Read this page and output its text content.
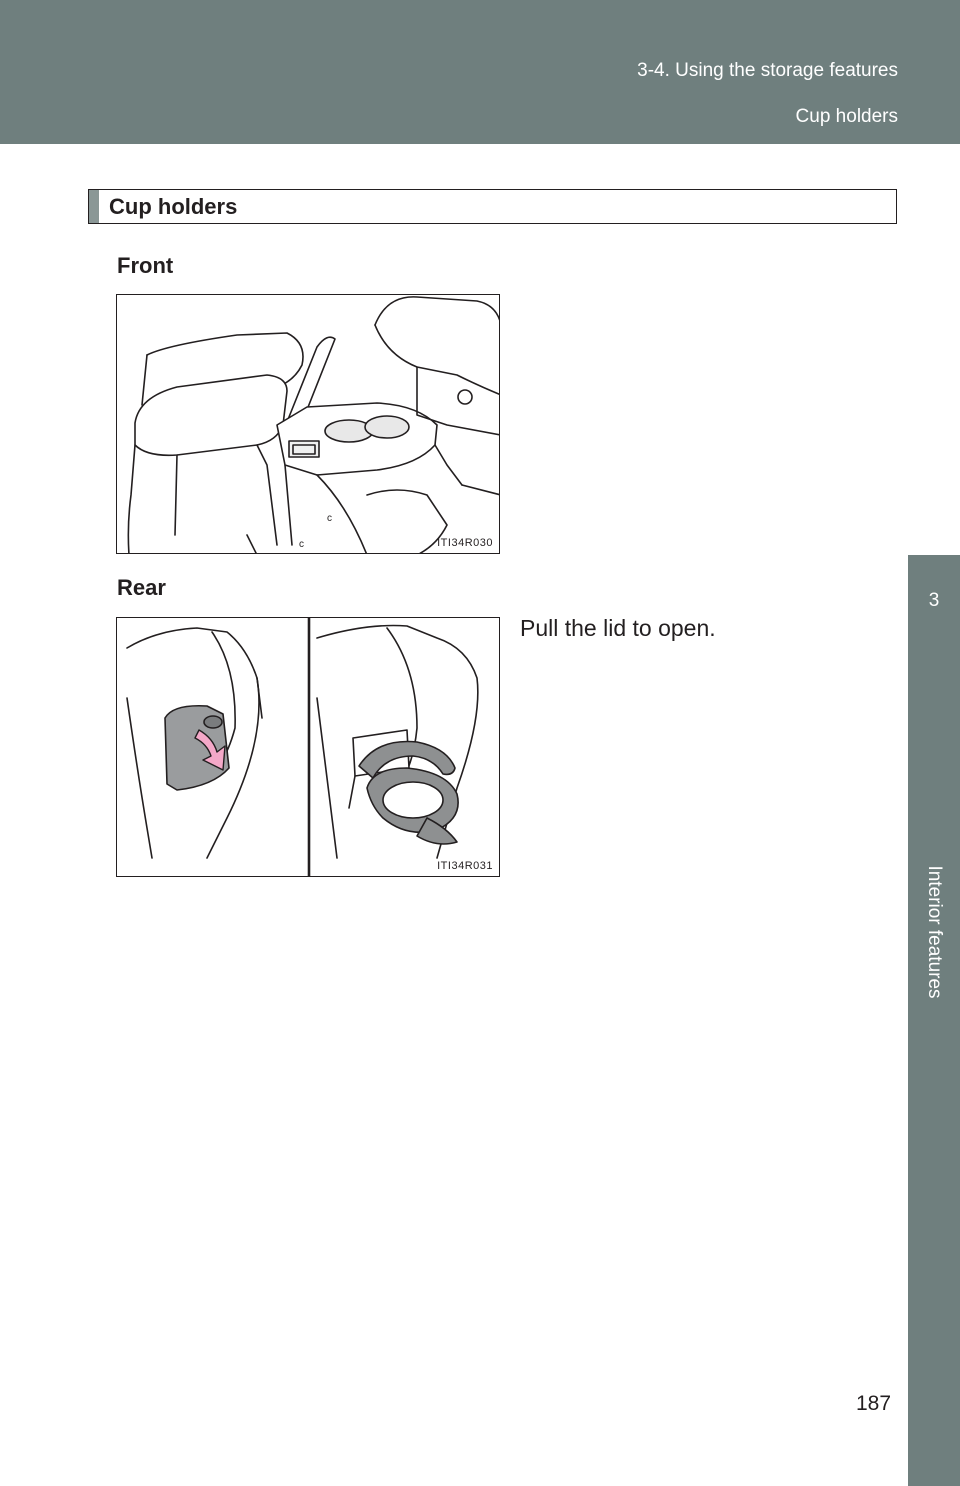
3-4. Using the storage features
Cup holders
3
Interior features
Cup holders
Front
c
c	ITI34R030
Rear
ITI34R031
Pull the lid to open.
187
